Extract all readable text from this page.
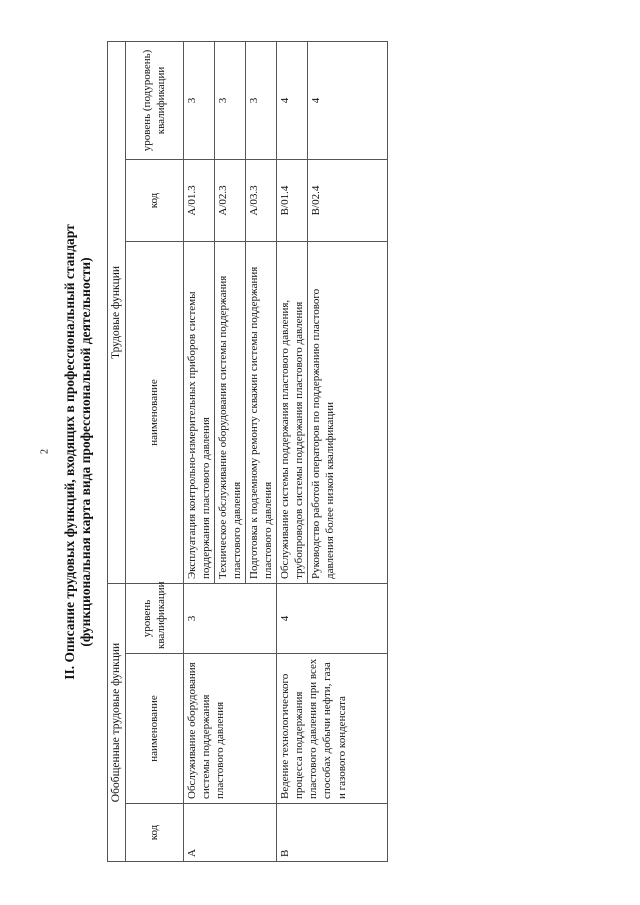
2 II. Описание трудовых функций, входящих в профессиональный стандарт (функциональная карта вида профессиональной деятельности)
Обобщенные трудовые функции			Трудовые функции		
код	наименование	уровень квалификации	наименование	код	уровень (подуровень) квалификации
A	Обслуживание оборудования системы поддержания пластового давления	3	Эксплуатация контрольно-измерительных приборов системы поддержания пластового давления	A/01.3	3
			Техническое обслуживание оборудования системы поддержания пластового давления	A/02.3	3
			Подготовка к подземному ремонту скважин системы поддержания пластового давления	A/03.3	3
B	Ведение технологического процесса поддержания пластового давления при всех способах добычи нефти, газа и газового конденсата	4	Обслуживание системы поддержания пластового давления, трубопроводов системы поддержания пластового давления	B/01.4	4
			Руководство работой операторов по поддержанию пластового давления более низкой квалификации	B/02.4	4
